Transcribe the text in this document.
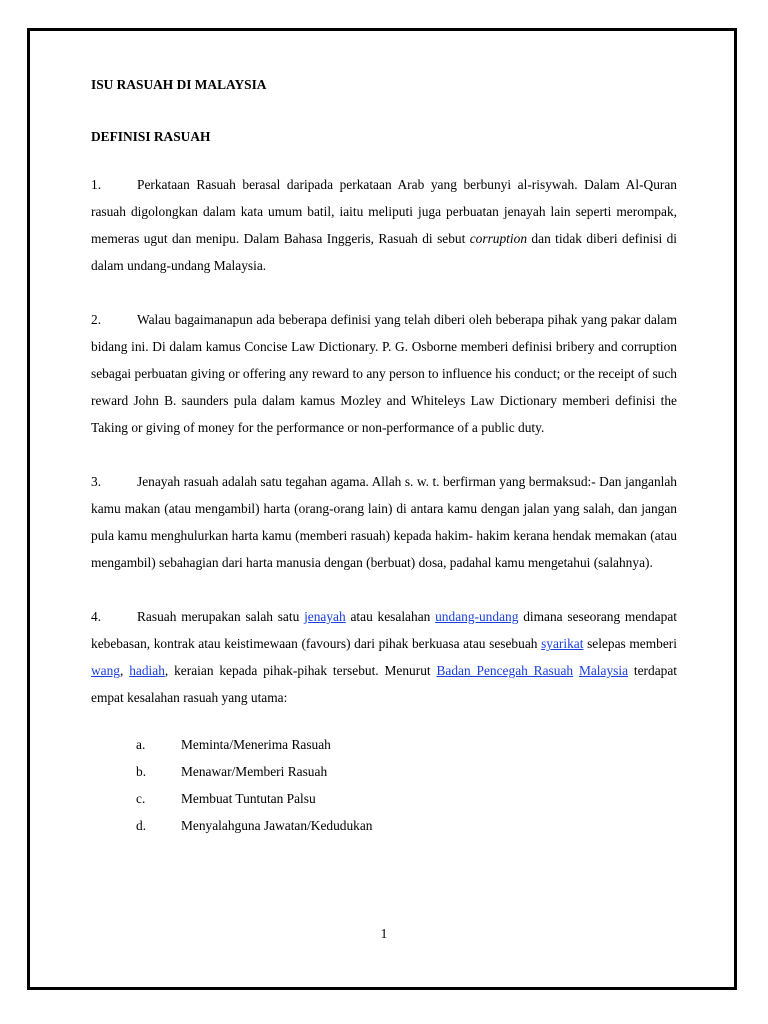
ISU RASUAH DI MALAYSIA

DEFINISI RASUAH

1.	Perkataan Rasuah berasal daripada perkataan Arab yang berbunyi al-risywah. Dalam Al-Quran rasuah digolongkan dalam kata umum batil, iaitu meliputi juga perbuatan jenayah lain seperti merompak, memeras ugut dan menipu. Dalam Bahasa Inggeris, Rasuah di sebut corruption dan tidak diberi definisi di dalam undang-undang Malaysia.

2.	Walau bagaimanapun ada beberapa definisi yang telah diberi oleh beberapa pihak yang pakar dalam bidang ini. Di dalam kamus Concise Law Dictionary. P. G. Osborne memberi definisi bribery and corruption sebagai perbuatan giving or offering any reward to any person to influence his conduct; or the receipt of such reward John B. saunders pula dalam kamus Mozley and Whiteleys Law Dictionary memberi definisi the Taking or giving of money for the performance or non-performance of a public duty.

3.	Jenayah rasuah adalah satu tegahan agama. Allah s. w. t. berfirman yang bermaksud:- Dan janganlah kamu makan (atau mengambil) harta (orang-orang lain) di antara kamu dengan jalan yang salah, dan jangan pula kamu menghulurkan harta kamu (memberi rasuah) kepada hakim- hakim kerana hendak memakan (atau mengambil) sebahagian dari harta manusia dengan (berbuat) dosa, padahal kamu mengetahui (salahnya).

4.	Rasuah merupakan salah satu jenayah atau kesalahan undang-undang dimana seseorang mendapat kebebasan, kontrak atau keistimewaan (favours) dari pihak berkuasa atau sesebuah syarikat selepas memberi wang, hadiah, keraian kepada pihak-pihak tersebut. Menurut Badan Pencegah Rasuah Malaysia terdapat empat kesalahan rasuah yang utama:

a.	Meminta/Menerima Rasuah
b.	Menawar/Memberi Rasuah
c.	Membuat Tuntutan Palsu
d.	Menyalahguna Jawatan/Kedudukan
1
